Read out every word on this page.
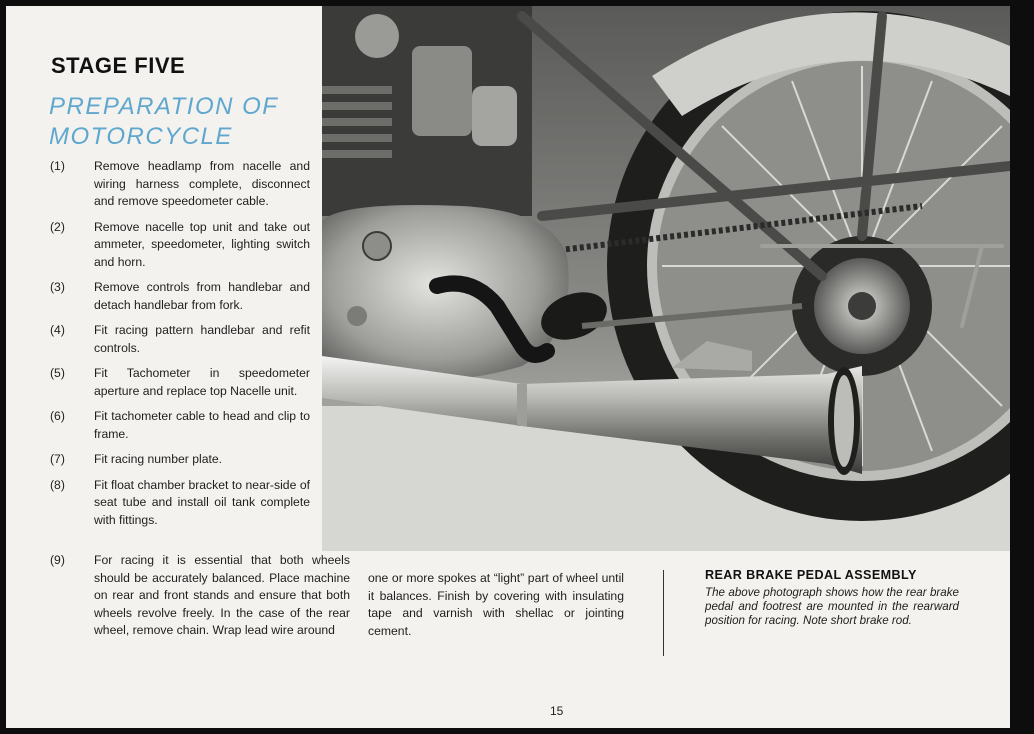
STAGE FIVE
PREPARATION OF
MOTORCYCLE
(1)	Remove headlamp from nacelle and wiring harness complete, disconnect and remove speedometer cable.
(2)	Remove nacelle top unit and take out ammeter, speedometer, lighting switch and horn.
(3)	Remove controls from handlebar and detach handlebar from fork.
(4)	Fit racing pattern handlebar and refit controls.
(5)	Fit Tachometer in speedometer aperture and replace top Nacelle unit.
(6)	Fit tachometer cable to head and clip to frame.
(7)	Fit racing number plate.
(8)	Fit float chamber bracket to near-side of seat tube and install oil tank complete with fittings.
(9) For racing it is essential that both wheels should be accurately balanced. Place machine on rear and front stands and ensure that both wheels revolve freely. In the case of the rear wheel, remove chain. Wrap lead wire around
one or more spokes at “light” part of wheel until it balances. Finish by covering with insulating tape and varnish with shellac or jointing cement.
REAR BRAKE PEDAL ASSEMBLY
The above photograph shows how the rear brake pedal and footrest are mounted in the rearward position for racing. Note short brake rod.
15
